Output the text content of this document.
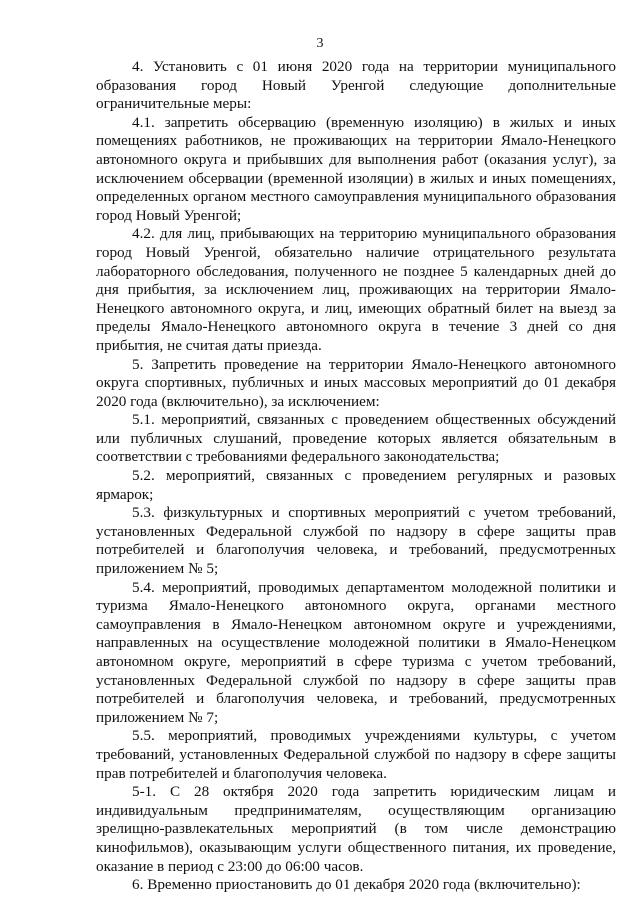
3

4. Установить с 01 июня 2020 года на территории муниципального образования город Новый Уренгой следующие дополнительные ограничительные меры:

4.1. запретить обсервацию (временную изоляцию) в жилых и иных помещениях работников, не проживающих на территории Ямало-Ненецкого автономного округа и прибывших для выполнения работ (оказания услуг), за исключением обсервации (временной изоляции) в жилых и иных помещениях, определенных органом местного самоуправления муниципального образования город Новый Уренгой;

4.2. для лиц, прибывающих на территорию муниципального образования город Новый Уренгой, обязательно наличие отрицательного результата лабораторного обследования, полученного не позднее 5 календарных дней до дня прибытия, за исключением лиц, проживающих на территории Ямало-Ненецкого автономного округа, и лиц, имеющих обратный билет на выезд за пределы Ямало-Ненецкого автономного округа в течение 3 дней со дня прибытия, не считая даты приезда.

5. Запретить проведение на территории Ямало-Ненецкого автономного округа спортивных, публичных и иных массовых мероприятий до 01 декабря 2020 года (включительно), за исключением:

5.1. мероприятий, связанных с проведением общественных обсуждений или публичных слушаний, проведение которых является обязательным в соответствии с требованиями федерального законодательства;

5.2. мероприятий, связанных с проведением регулярных и разовых ярмарок;

5.3. физкультурных и спортивных мероприятий с учетом требований, установленных Федеральной службой по надзору в сфере защиты прав потребителей и благополучия человека, и требований, предусмотренных приложением № 5;

5.4. мероприятий, проводимых департаментом молодежной политики и туризма Ямало-Ненецкого автономного округа, органами местного самоуправления в Ямало-Ненецком автономном округе и учреждениями, направленных на осуществление молодежной политики в Ямало-Ненецком автономном округе, мероприятий в сфере туризма с учетом требований, установленных Федеральной службой по надзору в сфере защиты прав потребителей и благополучия человека, и требований, предусмотренных приложением № 7;

5.5. мероприятий, проводимых учреждениями культуры, с учетом требований, установленных Федеральной службой по надзору в сфере защиты прав потребителей и благополучия человека.

5-1. С 28 октября 2020 года запретить юридическим лицам и индивидуальным предпринимателям, осуществляющим организацию зрелищно-развлекательных мероприятий (в том числе демонстрацию кинофильмов), оказывающим услуги общественного питания, их проведение, оказание в период с 23:00 до 06:00 часов.

6. Временно приостановить до 01 декабря 2020 года (включительно):
